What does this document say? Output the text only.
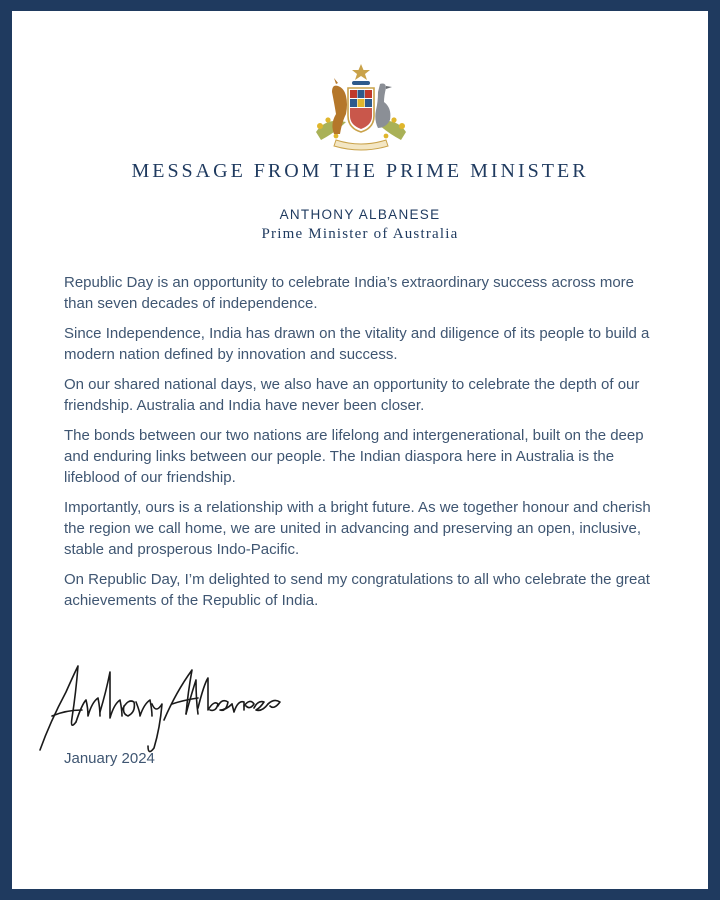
MESSAGE FROM THE PRIME MINISTER
ANTHONY ALBANESE
Prime Minister of Australia

Republic Day is an opportunity to celebrate India’s extraordinary success across more than seven decades of independence.

Since Independence, India has drawn on the vitality and diligence of its people to build a modern nation defined by innovation and success.

On our shared national days, we also have an opportunity to celebrate the depth of our friendship. Australia and India have never been closer.

The bonds between our two nations are lifelong and intergenerational, built on the deep and enduring links between our people. The Indian diaspora here in Australia is the lifeblood of our friendship.

Importantly, ours is a relationship with a bright future. As we together honour and cherish the region we call home, we are united in advancing and preserving an open, inclusive, stable and prosperous Indo-Pacific.

On Republic Day, I’m delighted to send my congratulations to all who celebrate the great achievements of the Republic of India.

January 2024
